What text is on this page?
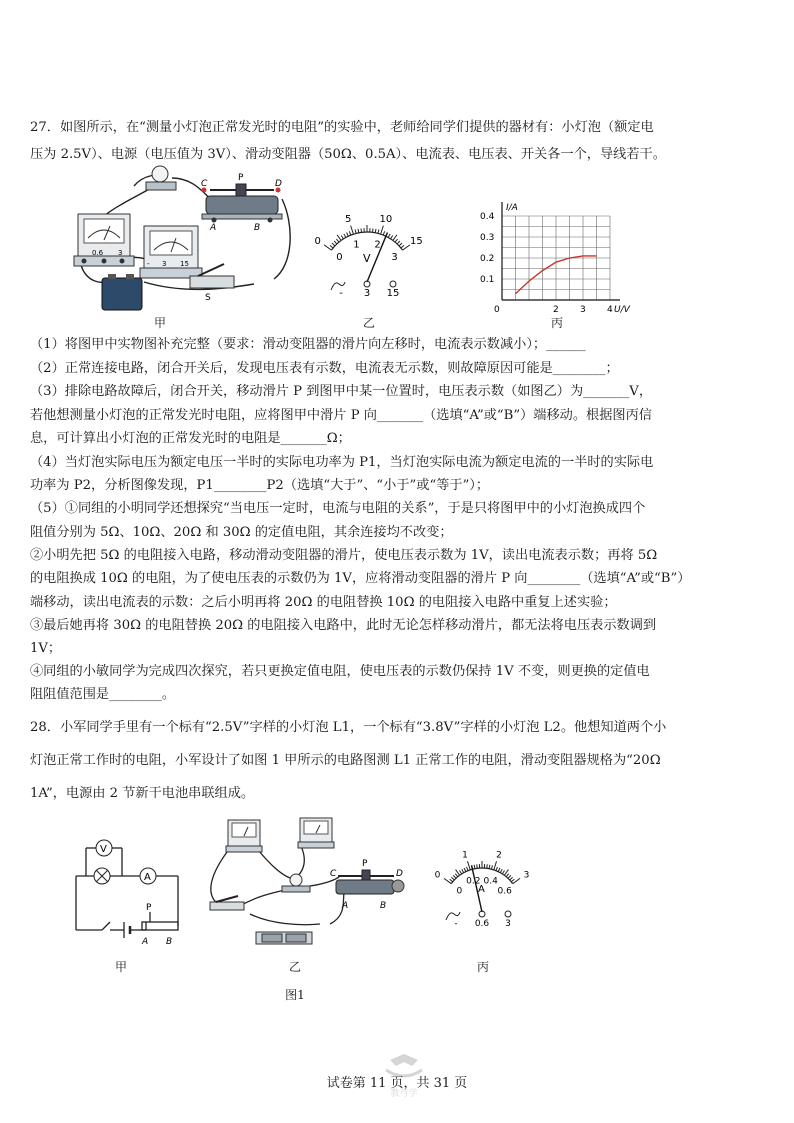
27．如图所示，在“测量小灯泡正常发光时的电阻”的实验中，老师给同学们提供的器材有：小灯泡（额定电
压为 2.5V）、电源（电压值为 3V）、滑动变阻器（50Ω、0.5A）、电流表、电压表、开关各一个，导线若干。
0.6 3
- 3 15
C
P
D
A	B
S
甲
0
5	10
15
0
1 2
3
V
- 3 15
乙
0	2 3 4
0.1
0.2
0.3
0.4
U/V
I/A
丙
（1）将图甲中实物图补充完整（要求：滑动变阻器的滑片向左移时，电流表示数减小）；______
（2）正常连接电路，闭合开关后，发现电压表有示数，电流表无示数，则故障原因可能是________；
（3）排除电路故障后，闭合开关，移动滑片 P 到图甲中某一位置时，电压表示数（如图乙）为_______V，
若他想测量小灯泡的正常发光时电阻，应将图甲中滑片 P 向_______（选填“A”或“B”）端移动。根据图丙信
息，可计算出小灯泡的正常发光时的电阻是_______Ω；
（4）当灯泡实际电压为额定电压一半时的实际电功率为 P1，当灯泡实际电流为额定电流的一半时的实际电
功率为 P2，分析图像发现，P1________P2（选填“大于”、“小于”或“等于”）；
（5）①同组的小明同学还想探究“当电压一定时，电流与电阻的关系”，于是只将图甲中的小灯泡换成四个
阻值分别为 5Ω、10Ω、20Ω 和 30Ω 的定值电阻，其余连接均不改变；
②小明先把 5Ω 的电阻接入电路，移动滑动变阻器的滑片，使电压表示数为 1V，读出电流表示数；再将 5Ω
的电阻换成 10Ω 的电阻，为了使电压表的示数仍为 1V，应将滑动变阻器的滑片 P 向________（选填“A”或“B”）
端移动，读出电流表的示数：之后小明再将 20Ω 的电阻替换 10Ω 的电阻接入电路中重复上述实验；
③最后她再将 30Ω 的电阻替换 20Ω 的电阻接入电路中，此时无论怎样移动滑片，都无法将电压表示数调到
1V；
④同组的小敏同学为完成四次探究，若只更换定值电阻，使电压表的示数仍保持 1V 不变，则更换的定值电
阻阻值范围是________。
28．小军同学手里有一个标有“2.5V”字样的小灯泡 L1，一个标有“3.8V”字样的小灯泡 L2。他想知道两个小
灯泡正常工作时的电阻，小军设计了如图 1 甲所示的电路图测 L1 正常工作的电阻，滑动变阻器规格为“20Ω
1A”，电源由 2 节新干电池串联组成。
V
A
P
A B
甲
C
P
D
A	B
乙
图1
0
1	2
3
0
0.2 0.4
0.6
A
- 0.6 3
丙
试卷第 11 页，共 31 页
教与学
